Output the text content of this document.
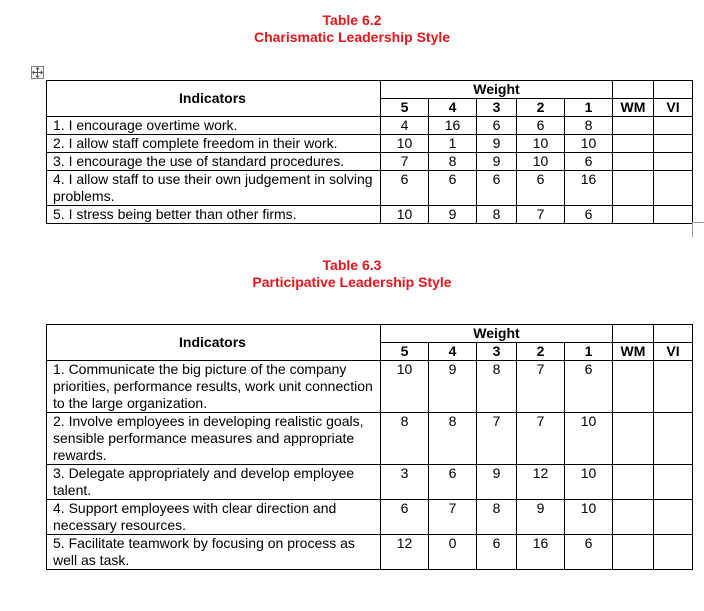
Table 6.2
Charismatic Leadership Style
Indicators	Weight						
	5	4	3	2	1	WM	VI
1. I encourage overtime work.	4	16	6	6	8		
2. I allow staff complete freedom in their work.	10	1	9	10	10		
3. I encourage the use of standard procedures.	7	8	9	10	6		
4. I allow staff to use their own judgement in solving problems.	6	6	6	6	16		
5. I stress being better than other firms.	10	9	8	7	6		
Table 6.3
Participative Leadership Style
Indicators	Weight						
	5	4	3	2	1	WM	VI
1. Communicate the big picture of the company priorities, performance results, work unit connection to the large organization.	10	9	8	7	6		
2. Involve employees in developing realistic goals, sensible performance measures and appropriate rewards.	8	8	7	7	10		
3. Delegate appropriately and develop employee talent.	3	6	9	12	10		
4. Support employees with clear direction and necessary resources.	6	7	8	9	10		
5. Facilitate teamwork by focusing on process as well as task.	12	0	6	16	6		
